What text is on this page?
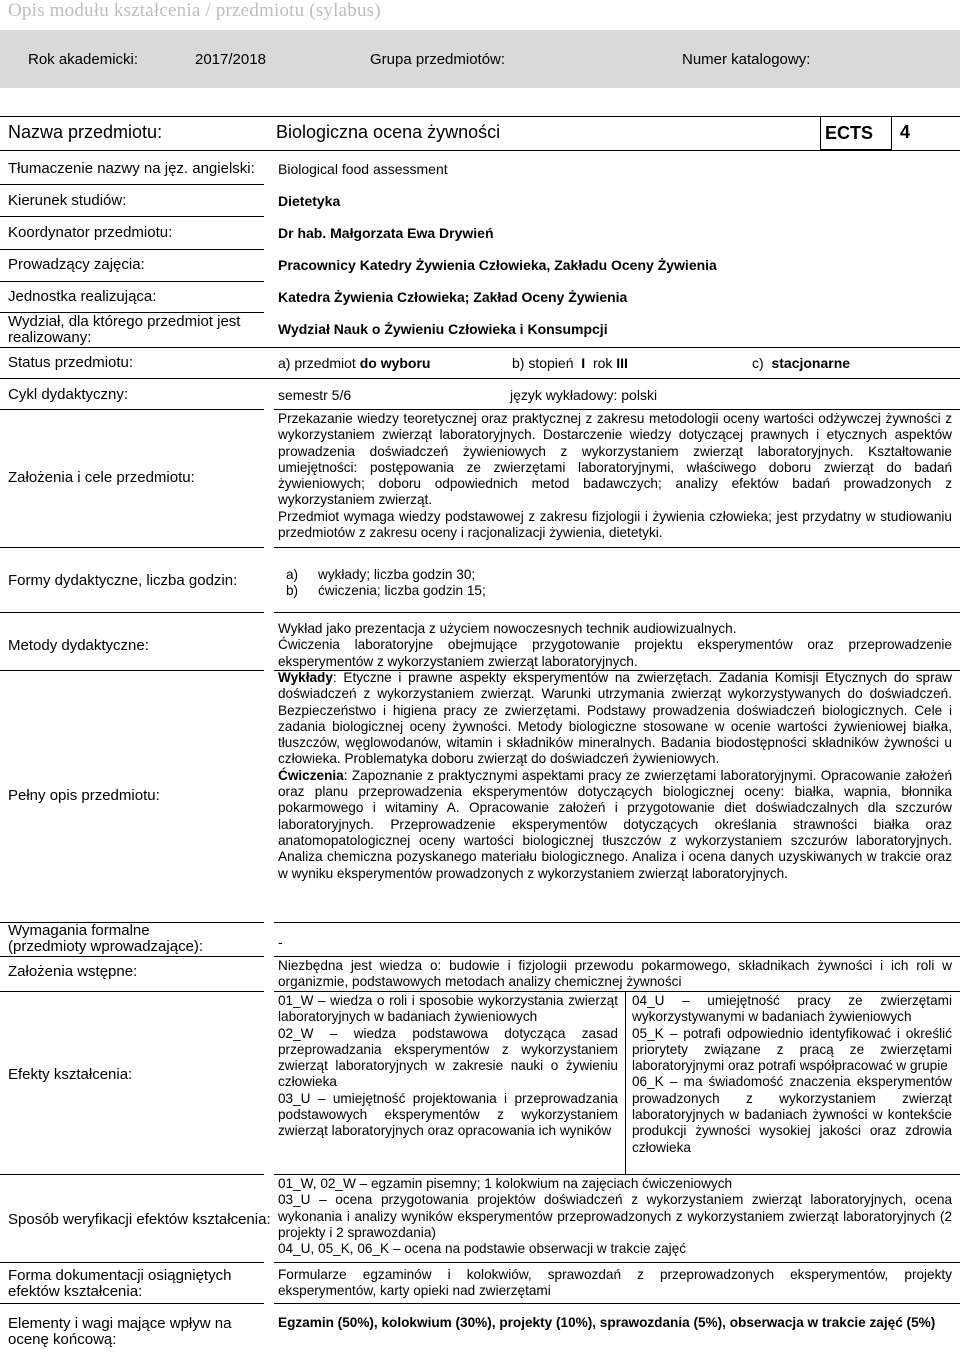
Opis modułu kształcenia / przedmiotu (sylabus)
Rok akademicki:	2017/2018	Grupa przedmiotów:	Numer katalogowy:
Nazwa przedmiotu:	Biologiczna ocena żywności	ECTS 4
Tłumaczenie nazwy na jęz. angielski: Biological food assessment
Kierunek studiów:	Dietetyka
Koordynator przedmiotu:	Dr hab. Małgorzata Ewa Drywień
Prowadzący zajęcia:	Pracownicy Katedry Żywienia Człowieka, Zakładu Oceny Żywienia
Jednostka realizująca:	Katedra Żywienia Człowieka; Zakład Oceny Żywienia
Wydział, dla którego przedmiot jest
realizowany:	Wydział Nauk o Żywieniu Człowieka i Konsumpcji
Status przedmiotu:	a) przedmiot do wyboru	b) stopień I rok III	c) stacjonarne
Cykl dydaktyczny:	semestr 5/6	język wykładowy: polski
Założenia i cele przedmiotu:

Przekazanie wiedzy teoretycznej oraz praktycznej z zakresu metodologii oceny wartości odżywczej żywności z wykorzystaniem zwierząt laboratoryjnych. Dostarczenie wiedzy dotyczącej prawnych i etycznych aspektów prowadzenia doświadczeń żywieniowych z wykorzystaniem zwierząt laboratoryjnych. Kształtowanie umiejętności: postępowania ze zwierzętami laboratoryjnymi, właściwego doboru zwierząt do badań żywieniowych; doboru odpowiednich metod badawczych; analizy efektów badań prowadzonych z wykorzystaniem zwierząt.

Przedmiot wymaga wiedzy podstawowej z zakresu fizjologii i żywienia człowieka; jest przydatny w studiowaniu przedmiotów z zakresu oceny i racjonalizacji żywienia, dietetyki.

Formy dydaktyczne, liczba godzin:	a) wykłady; liczba godzin 30;
b) ćwiczenia; liczba godzin 15;
Metody dydaktyczne:

Wykład jako prezentacja z użyciem nowoczesnych technik audiowizualnych.

Ćwiczenia laboratoryjne obejmujące przygotowanie projektu eksperymentów oraz przeprowadzenie eksperymentów z wykorzystaniem zwierząt laboratoryjnych.

Pełny opis przedmiotu:

Wykłady: Etyczne i prawne aspekty eksperymentów na zwierzętach. Zadania Komisji Etycznych do spraw doświadczeń z wykorzystaniem zwierząt. Warunki utrzymania zwierząt wykorzystywanych do doświadczeń. Bezpieczeństwo i higiena pracy ze zwierzętami. Podstawy prowadzenia doświadczeń biologicznych. Cele i zadania biologicznej oceny żywności. Metody biologiczne stosowane w ocenie wartości żywieniowej białka, tłuszczów, węglowodanów, witamin i składników mineralnych. Badania biodostępności składników żywności u człowieka. Problematyka doboru zwierząt do doświadczeń żywieniowych.

Ćwiczenia: Zapoznanie z praktycznymi aspektami pracy ze zwierzętami laboratoryjnymi. Opracowanie założeń oraz planu przeprowadzenia eksperymentów dotyczących biologicznej oceny: białka, wapnia, błonnika pokarmowego i witaminy A. Opracowanie założeń i przygotowanie diet doświadczalnych dla szczurów laboratoryjnych. Przeprowadzenie eksperymentów dotyczących określania strawności białka oraz anatomopatologicznej oceny wartości biologicznej tłuszczów z wykorzystaniem szczurów laboratoryjnych. Analiza chemiczna pozyskanego materiału biologicznego. Analiza i ocena danych uzyskiwanych w trakcie oraz w wyniku eksperymentów prowadzonych z wykorzystaniem zwierząt laboratoryjnych.

Wymagania formalne
(przedmioty wprowadzające):	-
Założenia wstępne:	Niezbędna jest wiedza o: budowie i fizjologii przewodu pokarmowego, składnikach żywności i ich roli w organizmie, podstawowych metodach analizy chemicznej żywności
Efekty kształcenia:

01_W – wiedza o roli i sposobie wykorzystania zwierząt laboratoryjnych w badaniach żywieniowych

02_W – wiedza podstawowa dotycząca zasad przeprowadzania eksperymentów z wykorzystaniem zwierząt laboratoryjnych w zakresie nauki o żywieniu człowieka

03_U – umiejętność projektowania i przeprowadzania podstawowych eksperymentów z wykorzystaniem zwierząt laboratoryjnych oraz opracowania ich wyników

04_U – umiejętność pracy ze zwierzętami wykorzystywanymi w badaniach żywieniowych

05_K – potrafi odpowiednio identyfikować i określić priorytety związane z pracą ze zwierzętami laboratoryjnymi oraz potrafi współpracować w grupie

06_K – ma świadomość znaczenia eksperymentów prowadzonych z wykorzystaniem zwierząt laboratoryjnych w badaniach żywności w kontekście produkcji żywności wysokiej jakości oraz zdrowia człowieka

Sposób weryfikacji efektów kształcenia:

01_W, 02_W – egzamin pisemny; 1 kolokwium na zajęciach ćwiczeniowych

03_U – ocena przygotowania projektów doświadczeń z wykorzystaniem zwierząt laboratoryjnych, ocena wykonania i analizy wyników eksperymentów przeprowadzonych z wykorzystaniem zwierząt laboratoryjnych (2 projekty i 2 sprawozdania)

04_U, 05_K, 06_K – ocena na podstawie obserwacji w trakcie zajęć

Forma dokumentacji osiągniętych
efektów kształcenia:
Formularze egzaminów i kolokwiów, sprawozdań z przeprowadzonych eksperymentów, projekty eksperymentów, karty opieki nad zwierzętami
Elementy i wagi mające wpływ na
ocenę końcową:
Egzamin (50%), kolokwium (30%), projekty (10%), sprawozdania (5%), obserwacja w trakcie zajęć (5%)
